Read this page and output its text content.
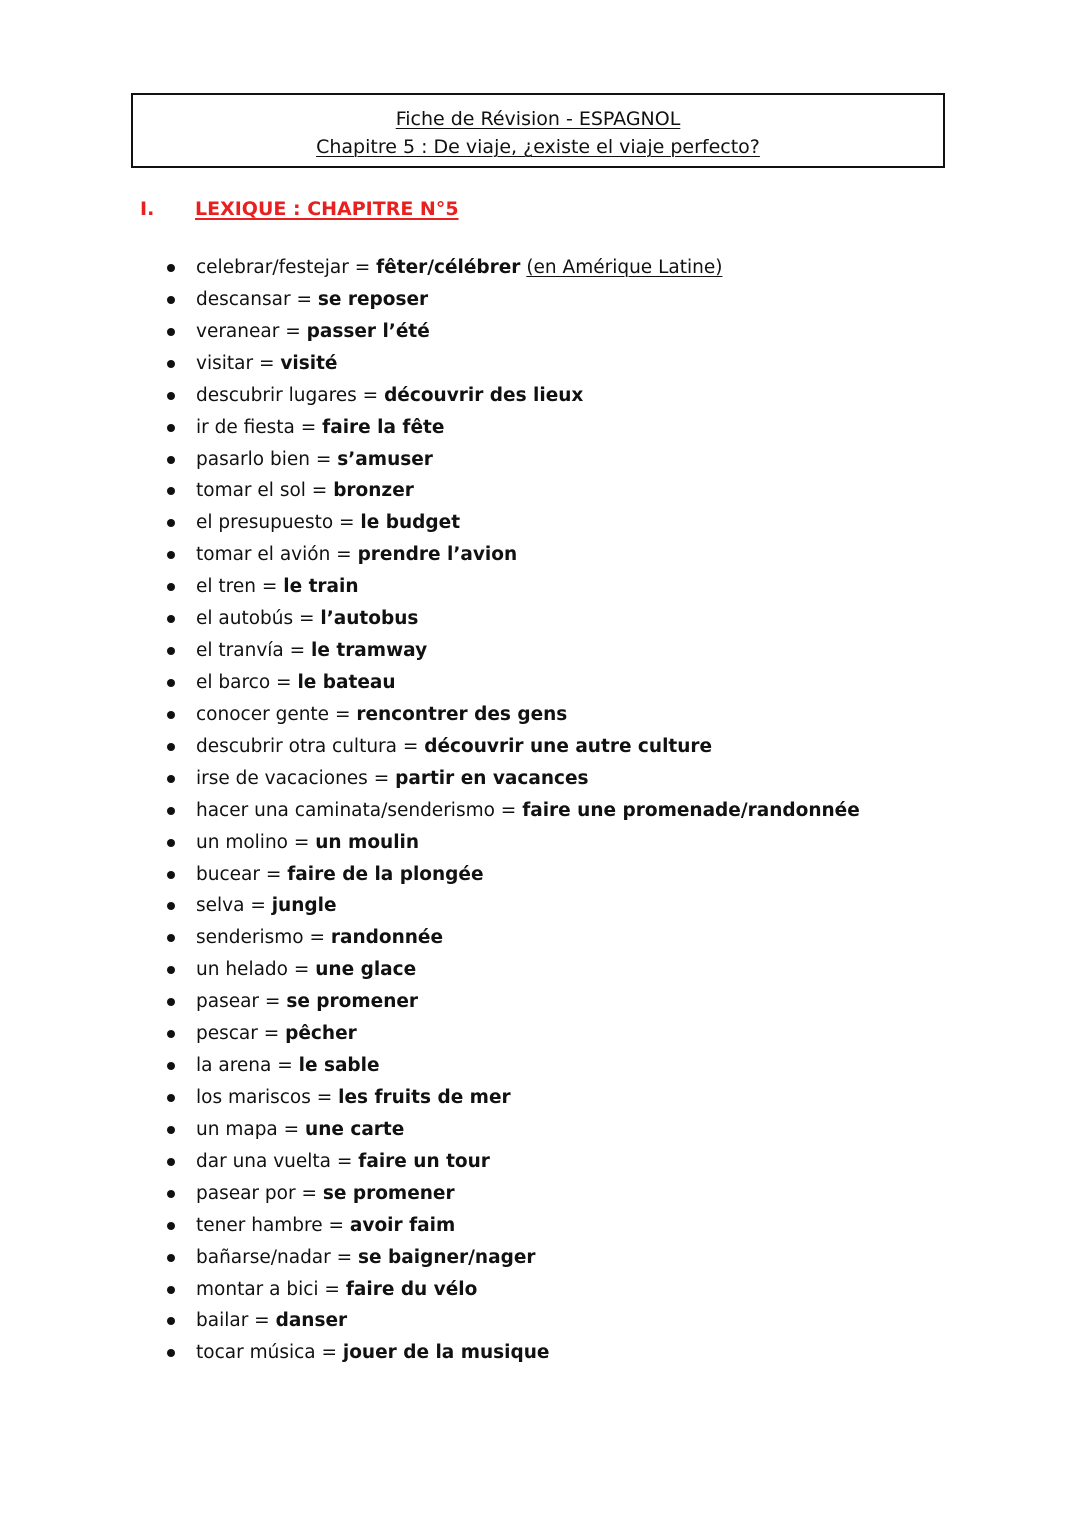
Fiche de Révision - ESPAGNOL
Chapitre 5 : De viaje, ¿existe el viaje perfecto?
I. LEXIQUE : CHAPITRE N°5
celebrar/festejar = fêter/célébrer (en Amérique Latine)
descansar = se reposer
veranear = passer l’été
visitar = visité
descubrir lugares = découvrir des lieux
ir de fiesta = faire la fête
pasarlo bien = s’amuser
tomar el sol = bronzer
el presupuesto = le budget
tomar el avión = prendre l’avion
el tren = le train
el autobús = l’autobus
el tranvía = le tramway
el barco = le bateau
conocer gente = rencontrer des gens
descubrir otra cultura = découvrir une autre culture
irse de vacaciones = partir en vacances
hacer una caminata/senderismo = faire une promenade/randonnée
un molino = un moulin
bucear = faire de la plongée
selva = jungle
senderismo = randonnée
un helado = une glace
pasear = se promener
pescar = pêcher
la arena = le sable
los mariscos = les fruits de mer
un mapa = une carte
dar una vuelta = faire un tour
pasear por = se promener
tener hambre = avoir faim
bañarse/nadar = se baigner/nager
montar a bici = faire du vélo
bailar = danser
tocar música = jouer de la musique
